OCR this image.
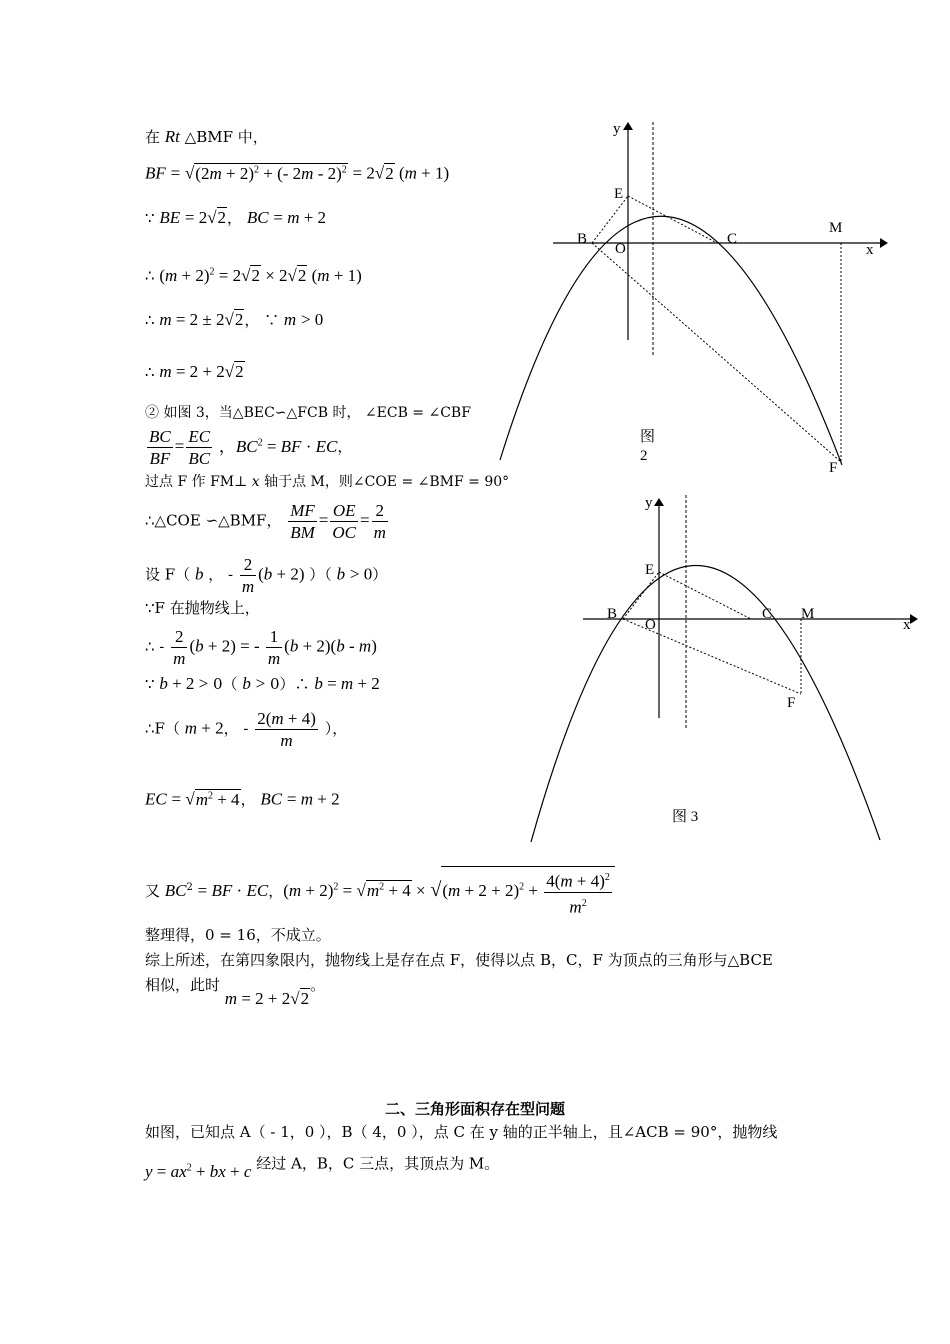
在 Rt △BMF 中，
BF = $√(2m + 2)^2$ + (- 2m - 2)$^2$ = 2√2 (m + 1)
∵ BE = 2√2， BC = m + 2
∴ $(m + 2)^2 = 2√2 \times 2√2$ (m + 1)
∴ m = 2 ± 2√2， ∵ m > 0
∴ m = 2 + 2√2
② 如图 3，当△BEC∽△FCB 时， ∠ECB = ∠CBF
$\frac{BC}{BF} = \frac{EC}{BC}$ ，$BC^2$ = BF · EC，
过点 F 作 FM⊥ x 轴于点 M，则∠COE = ∠BMF = 90°
∴△COE ∽△BMF， $\frac{MF}{BM} = \frac{OE}{OC} = \frac{2}{m}$
设 F（ b ， - $\frac{2}{m} (b + 2)$ ）（ b > 0）
∵F 在抛物线上，
∴ - $\frac{2}{m} (b + 2)$ = - $\frac{1}{m} (b + 2)(b - m)$
∵ b + 2 > 0（ b > 0）∴ b = m + 2
∴F（ m + 2， - $\frac{2(m + 4)}{m}$ ），
EC = $√m^2 + 4$， BC = m + 2
又 $BC^2$ = BF · EC，$(m + 2)^2 = √m^2 + 4 \times √(m + 2 + 2)^2 + \frac{4(m + 4)^2}{m^2}$
整理得，0 = 16，不成立。
综上所述，在第四象限内，抛物线上是存在点 F，使得以点 B，C，F 为顶点的三角形与△BCE
相似，此时 m = 2 + 2√2。
二、三角形面积存在型问题
如图，已知点 A（ - 1，0 ），B（ 4，0 ），点 C 在 y 轴的正半轴上，且∠ACB = 90°，抛物线
$y = ax^2$ + bx + c 经过 A，B，C 三点，其顶点为 M。
y
x
E
B
O
C
M
F
图
2
y
x
E
B
O
C M
F
图 3
